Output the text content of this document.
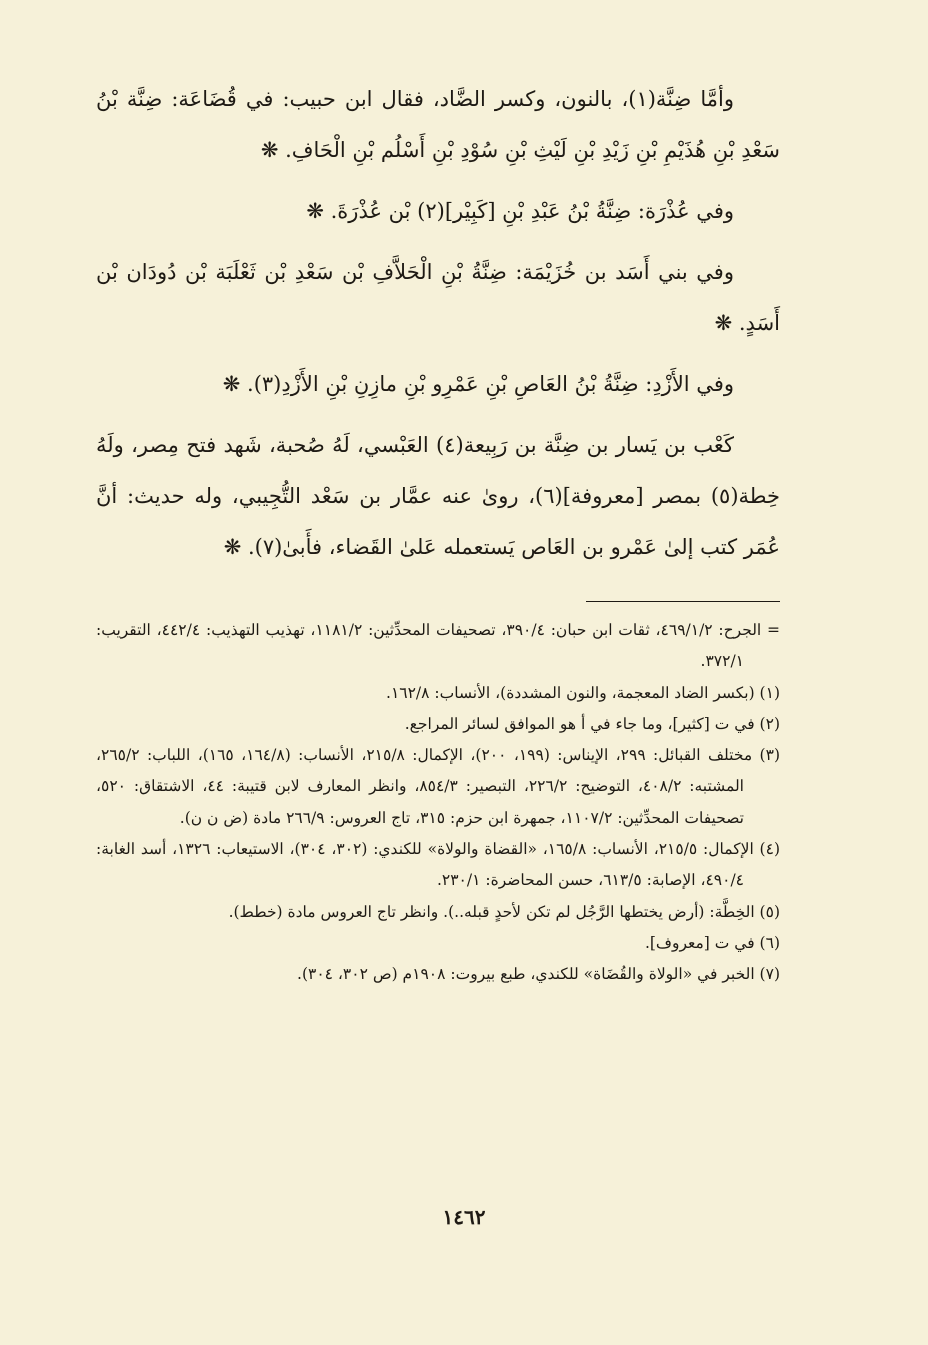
وأمَّا ضِنَّة(١)، بالنون، وكسر الضَّاد، فقال ابن حبيب: في قُضَاعَة: ضِنَّة بْنُ سَعْدِ بْنِ هُذَيْمِ بْنِ زَيْدِ بْنِ لَيْثِ بْنِ سُوْدِ بْنِ أَسْلُم بْنِ الْحَافِ. ❋

وفي عُذْرَة: ضِنَّةُ بْنُ عَبْدِ بْنِ [كَبِيْر](٢) بْن عُذْرَةَ. ❋

وفي بني أَسَد بن خُزَيْمَة: ضِنَّةُ بْنِ الْحَلاَّفِ بْن سَعْدِ بْن ثَعْلَبَة بْن دُودَان بْن أَسَدٍ. ❋

وفي الأَزْدِ: ضِنَّةُ بْنُ العَاصِ بْنِ عَمْرِو بْنِ مازِنِ بْنِ الأَزْدِ(٣). ❋

كَعْب بن يَسار بن ضِنَّة بن رَبِيعة(٤) العَبْسي، لَهُ صُحبة، شَهد فتح مِصر، ولَهُ خِطة(٥) بمصر [معروفة](٦)، روىٰ عنه عمَّار بن سَعْد التُّجِيبي، وله حديث: أنَّ عُمَر كتب إلىٰ عَمْرو بن العَاص يَستعمله عَلىٰ القَضاء، فأَبىٰ(٧). ❋

= الجرح: ٤٦٩/١/٢، ثقات ابن حبان: ٣٩٠/٤، تصحيفات المحدِّثين: ١١٨١/٢، تهذيب التهذيب: ٤٤٢/٤، التقريب: ٣٧٢/١.

(١) (بكسر الضاد المعجمة، والنون المشددة)، الأنساب: ١٦٢/٨.

(٢) في ت [كثير]، وما جاء في أ هو الموافق لسائر المراجع.

(٣) مختلف القبائل: ٢٩٩، الإيناس: (١٩٩، ٢٠٠)، الإكمال: ٢١٥/٨، الأنساب: (١٦٤/٨، ١٦٥)، اللباب: ٢٦٥/٢، المشتبه: ٤٠٨/٢، التوضيح: ٢٢٦/٢، التبصير: ٨٥٤/٣، وانظر المعارف لابن قتيبة: ٤٤، الاشتقاق: ٥٢٠، تصحيفات المحدِّثين: ١١٠٧/٢، جمهرة ابن حزم: ٣١٥، تاج العروس: ٢٦٦/٩ مادة (ض ن ن).

(٤) الإكمال: ٢١٥/٥، الأنساب: ١٦٥/٨، «القضاة والولاة» للكندي: (٣٠٢، ٣٠٤)، الاستيعاب: ١٣٢٦، أسد الغابة: ٤٩٠/٤، الإصابة: ٦١٣/٥، حسن المحاضرة: ٢٣٠/١.

(٥) الخِطَّة: (أرض يختطها الرَّجُل لم تكن لأحدٍ قبله..). وانظر تاج العروس مادة (خطط).

(٦) في ت [معروف].

(٧) الخبر في «الولاة والقُضَاة» للكندي، طبع بيروت: ١٩٠٨م (ص ٣٠٢، ٣٠٤).

١٤٦٢
